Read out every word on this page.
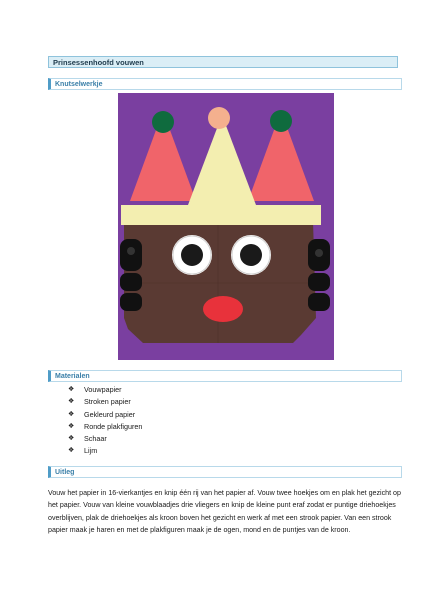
Prinsessenhoofd vouwen
Knutselwerkje
Materialen
❖	Vouwpapier
❖	Stroken papier
❖	Gekleurd papier
❖	Ronde plakfiguren
❖	Schaar
❖	Lijm
Uitleg

Vouw het papier in 16-vierkantjes en knip één rij van het papier af. Vouw twee hoekjes om en plak het gezicht op het papier. Vouw van kleine vouwblaadjes drie vliegers en knip de kleine punt eraf zodat er puntige driehoekjes overblijven, plak de driehoekjes als kroon boven het gezicht en werk af met een strook papier. Van een strook papier maak je haren en met de plakfiguren maak je de ogen, mond en de puntjes van de kroon.
